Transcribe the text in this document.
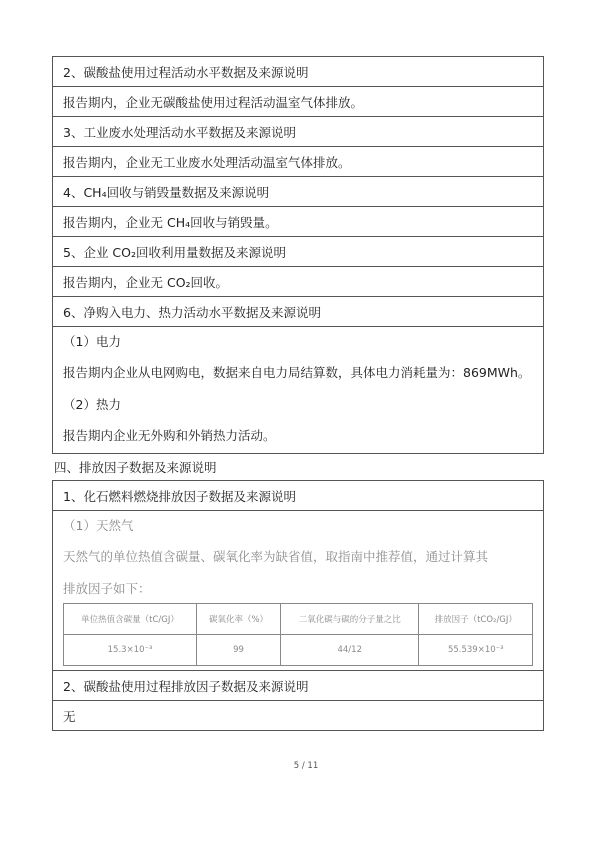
2、碳酸盐使用过程活动水平数据及来源说明
报告期内，企业无碳酸盐使用过程活动温室气体排放。
3、工业废水处理活动水平数据及来源说明
报告期内，企业无工业废水处理活动温室气体排放。
4、CH₄回收与销毁量数据及来源说明
报告期内，企业无 CH₄回收与销毁量。
5、企业 CO₂回收利用量数据及来源说明
报告期内，企业无 CO₂回收。
6、净购入电力、热力活动水平数据及来源说明
（1）电力
报告期内企业从电网购电，数据来自电力局结算数，具体电力消耗量为：869MWh。
（2）热力
报告期内企业无外购和外销热力活动。
四、排放因子数据及来源说明
1、化石燃料燃烧排放因子数据及来源说明
（1）天然气
天然气的单位热值含碳量、碳氧化率为缺省值，取指南中推荐值，通过计算其
排放因子如下：
单位热值含碳量（tC/GJ）	碳氧化率（%）	二氧化碳与碳的分子量之比	排放因子（tCO₂/GJ）
15.3×10⁻³	99	44/12	55.539×10⁻³
2、碳酸盐使用过程排放因子数据及来源说明
无
5 / 11
